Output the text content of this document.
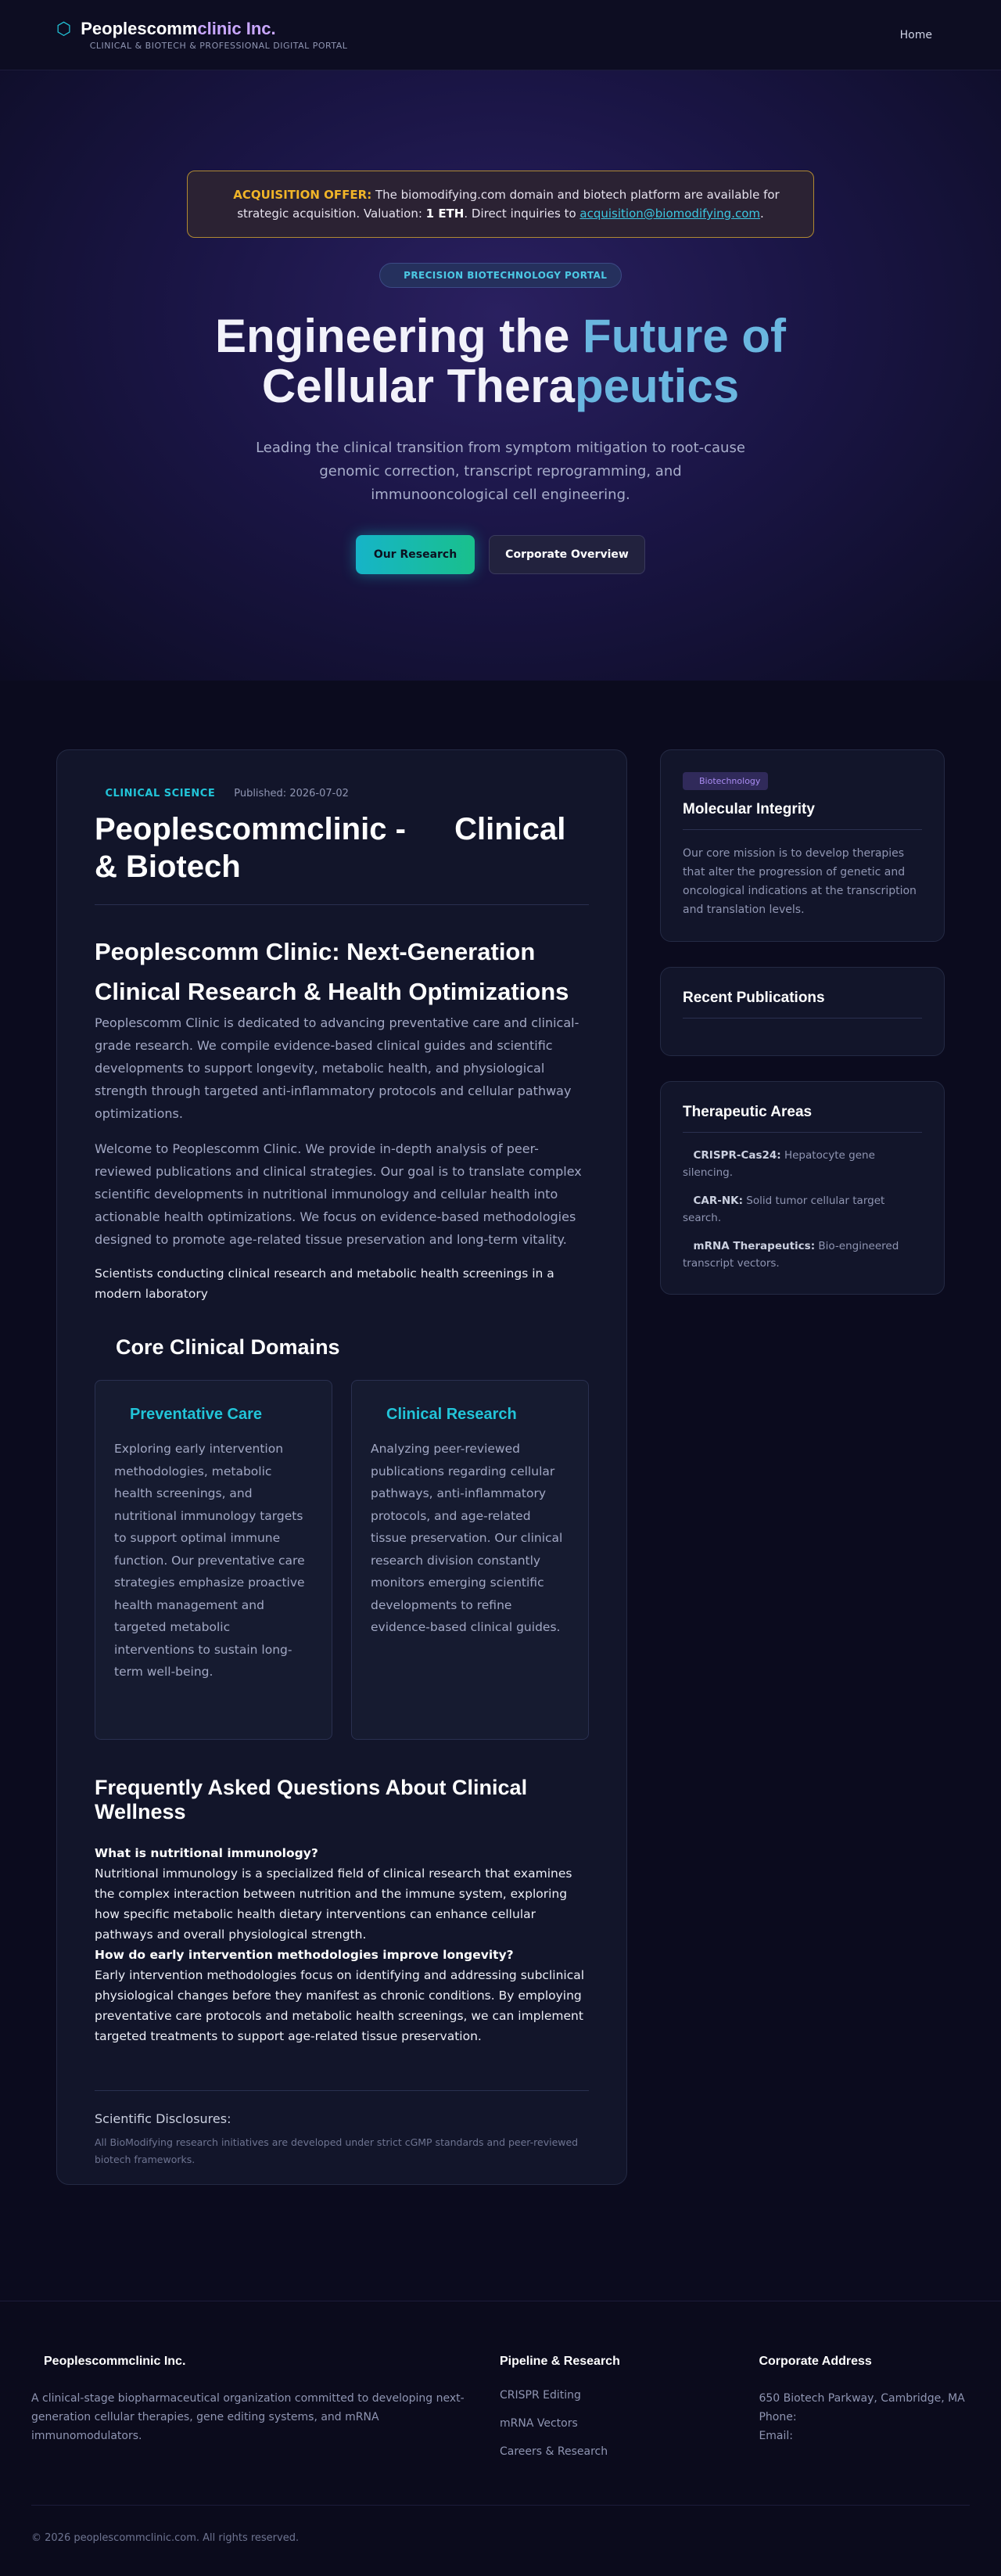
⬡ Peoplescommclinic Inc.
 CLINICAL & BIOTECH & PROFESSIONAL DIGITAL PORTAL
Home
 ACQUISITION OFFER: The biomodifying.com domain and biotech platform are available for strategic acquisition. Valuation: 1 ETH. Direct inquiries to acquisition@biomodifying.com.
 PRECISION BIOTECHNOLOGY PORTAL
Engineering the Future of
Cellular Therapeutics

Leading the clinical transition from symptom mitigation to root-cause genomic correction, transcript reprogramming, and immunooncological cell engineering.

Our Research	Corporate Overview
 CLINICAL SCIENCE Published: 2026-07-02
Peoplescommclinic -   Clinical & Biotech
Peoplescomm Clinic: Next-Generation Clinical Research & Health Optimizations

Peoplescomm Clinic is dedicated to advancing preventative care and clinical-grade research. We compile evidence-based clinical guides and scientific developments to support longevity, metabolic health, and physiological strength through targeted anti-inflammatory protocols and cellular pathway optimizations.

Welcome to Peoplescomm Clinic. We provide in-depth analysis of peer-reviewed publications and clinical strategies. Our goal is to translate complex scientific developments in nutritional immunology and cellular health into actionable health optimizations. We focus on evidence-based methodologies designed to promote age-related tissue preservation and long-term vitality.

Scientists conducting clinical research and metabolic health screenings in a modern laboratory
 Core Clinical Domains
 Preventative Care

Exploring early intervention methodologies, metabolic health screenings, and nutritional immunology targets to support optimal immune function. Our preventative care strategies emphasize proactive health management and targeted metabolic interventions to sustain long-term well-being.

 Clinical Research

Analyzing peer-reviewed publications regarding cellular pathways, anti-inflammatory protocols, and age-related tissue preservation. Our clinical research division constantly monitors emerging scientific developments to refine evidence-based clinical guides.

Frequently Asked Questions About Clinical Wellness
What is nutritional immunology?
Nutritional immunology is a specialized field of clinical research that examines the complex interaction between nutrition and the immune system, exploring how specific metabolic health dietary interventions can enhance cellular pathways and overall physiological strength.
How do early intervention methodologies improve longevity?
Early intervention methodologies focus on identifying and addressing subclinical physiological changes before they manifest as chronic conditions. By employing preventative care protocols and metabolic health screenings, we can implement targeted treatments to support age-related tissue preservation.
Scientific Disclosures:
All BioModifying research initiatives are developed under strict cGMP standards and peer-reviewed biotech frameworks.
 Biotechnology
Molecular Integrity

Our core mission is to develop therapies that alter the progression of genetic and oncological indications at the transcription and translation levels.

Recent Publications
Therapeutic Areas
 CRISPR-Cas24: Hepatocyte gene silencing.
 CAR-NK: Solid tumor cellular target search.
 mRNA Therapeutics: Bio-engineered transcript vectors.
 Peoplescommclinic Inc.

A clinical-stage biopharmaceutical organization committed to developing next-generation cellular therapies, gene editing systems, and mRNA immunomodulators.

Pipeline & Research
CRISPR Editing
mRNA Vectors
Careers & Research
Corporate Address
650 Biotech Parkway, Cambridge, MA
Phone:
Email:
© 2026 peoplescommclinic.com. All rights reserved.
